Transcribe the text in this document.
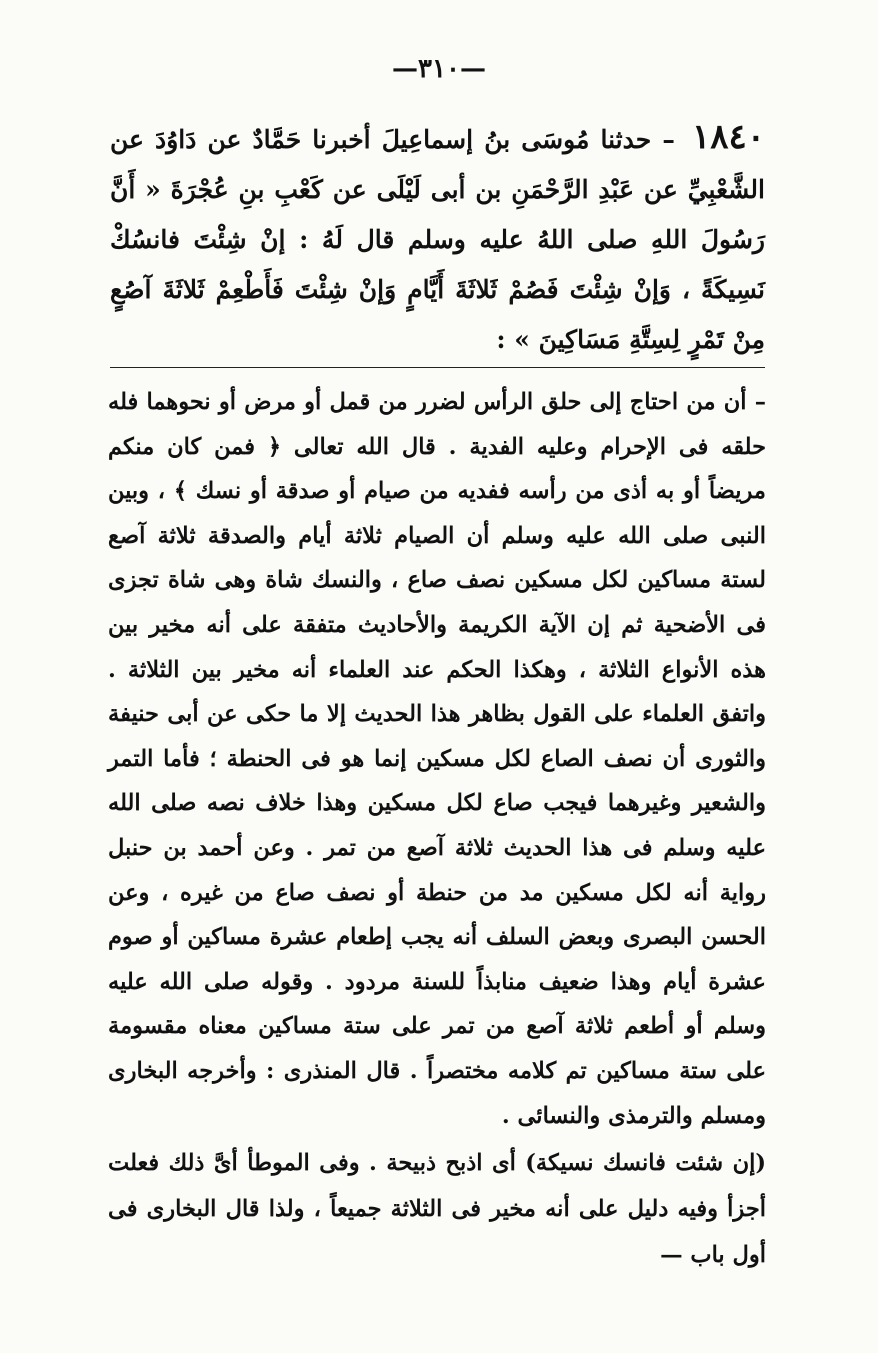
—٣١٠—
١٨٤٠ – حدثنا مُوسَى بنُ إسماعِيلَ أخبرنا حَمَّادٌ عن دَاوُدَ عن الشَّعْبِيِّ عن عَبْدِ الرَّحْمَنِ بن أبى لَيْلَى عن كَعْبِ بنِ عُجْرَةَ « أَنَّ رَسُولَ اللهِ صلى اللهُ عليه وسلم قال لَهُ : إنْ شِئْتَ فانسُكْ نَسِيكَةً ، وَإنْ شِئْتَ فَصُمْ ثَلاثَةَ أَيَّامٍ وَإنْ شِئْتَ فَأَطْعِمْ ثَلاثَةَ آصُعٍ مِنْ تَمْرٍ لِسِتَّةِ مَسَاكِينَ » :
– أن من احتاج إلى حلق الرأس لضرر من قمل أو مرض أو نحوهما فله حلقه فى الإحرام وعليه الفدية . قال الله تعالى ﴿ فمن كان منكم مريضاً أو به أذى من رأسه ففديه من صيام أو صدقة أو نسك ﴾ ، وبين النبى صلى الله عليه وسلم أن الصيام ثلاثة أيام والصدقة ثلاثة آصع لستة مساكين لكل مسكين نصف صاع ، والنسك شاة وهى شاة تجزى فى الأضحية ثم إن الآية الكريمة والأحاديث متفقة على أنه مخير بين هذه الأنواع الثلاثة ، وهكذا الحكم عند العلماء أنه مخير بين الثلاثة . واتفق العلماء على القول بظاهر هذا الحديث إلا ما حكى عن أبى حنيفة والثورى أن نصف الصاع لكل مسكين إنما هو فى الحنطة ؛ فأما التمر والشعير وغيرهما فيجب صاع لكل مسكين وهذا خلاف نصه صلى الله عليه وسلم فى هذا الحديث ثلاثة آصع من تمر . وعن أحمد بن حنبل رواية أنه لكل مسكين مد من حنطة أو نصف صاع من غيره ، وعن الحسن البصرى وبعض السلف أنه يجب إطعام عشرة مساكين أو صوم عشرة أيام وهذا ضعيف منابذاً للسنة مردود . وقوله صلى الله عليه وسلم أو أطعم ثلاثة آصع من تمر على ستة مساكين معناه مقسومة على ستة مساكين تم كلامه مختصراً . قال المنذرى : وأخرجه البخارى ومسلم والترمذى والنسائى .
(إن شئت فانسك نسيكة) أى اذبح ذبيحة . وفى الموطأ أىَّ ذلك فعلت أجزأ وفيه دليل على أنه مخير فى الثلاثة جميعاً ، ولذا قال البخارى فى أول باب —
